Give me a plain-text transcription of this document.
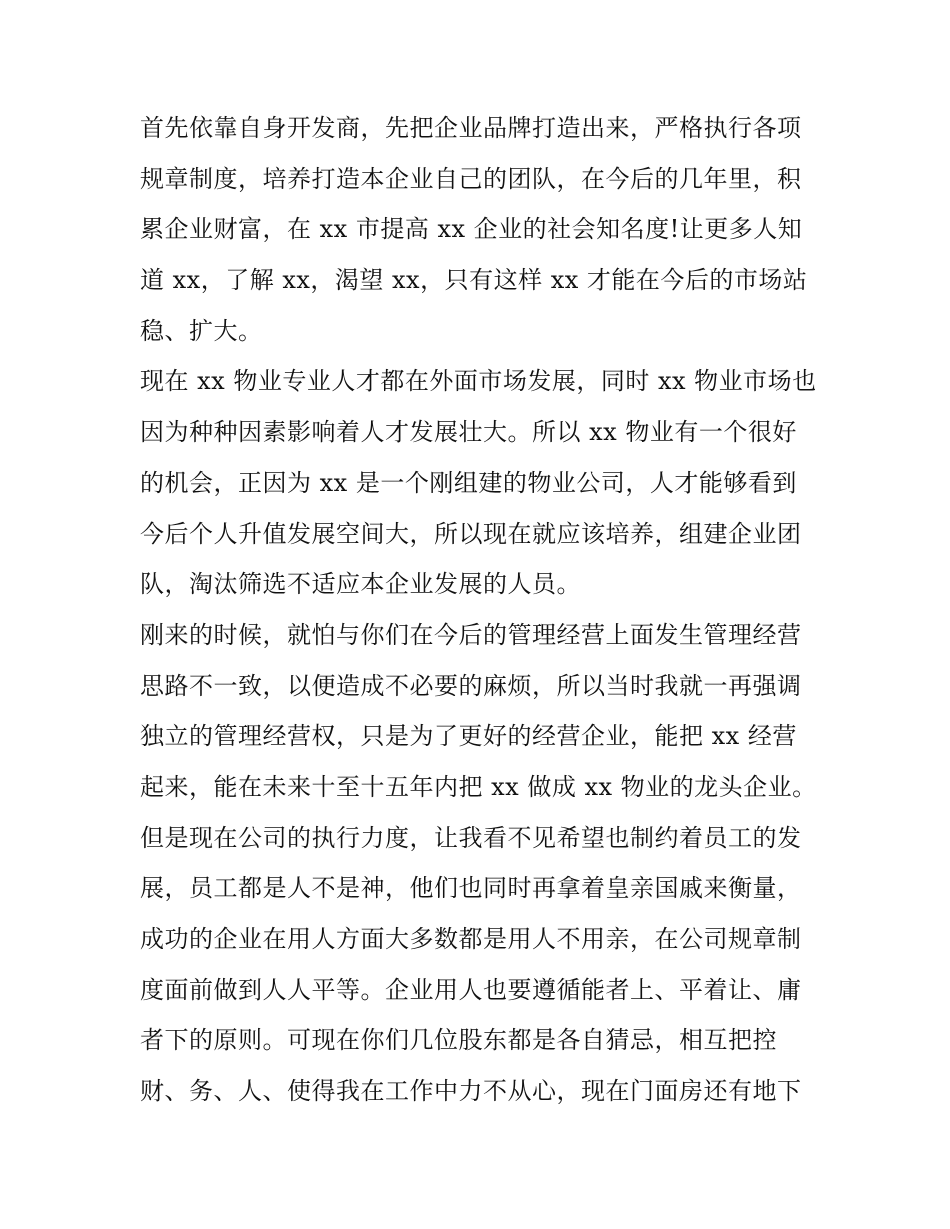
首先依靠自身开发商，先把企业品牌打造出来，严格执行各项
规章制度，培养打造本企业自己的团队，在今后的几年里，积
累企业财富，在 xx 市提高 xx 企业的社会知名度!让更多人知
道 xx，了解 xx，渴望 xx，只有这样 xx 才能在今后的市场站
稳、扩大。
现在 xx 物业专业人才都在外面市场发展，同时 xx 物业市场也
因为种种因素影响着人才发展壮大。所以 xx 物业有一个很好
的机会，正因为 xx 是一个刚组建的物业公司，人才能够看到
今后个人升值发展空间大，所以现在就应该培养，组建企业团
队，淘汰筛选不适应本企业发展的人员。
刚来的时候，就怕与你们在今后的管理经营上面发生管理经营
思路不一致，以便造成不必要的麻烦，所以当时我就一再强调
独立的管理经营权，只是为了更好的经营企业，能把 xx 经营
起来，能在未来十至十五年内把 xx 做成 xx 物业的龙头企业。
但是现在公司的执行力度，让我看不见希望也制约着员工的发
展，员工都是人不是神，他们也同时再拿着皇亲国戚来衡量，
成功的企业在用人方面大多数都是用人不用亲，在公司规章制
度面前做到人人平等。企业用人也要遵循能者上、平着让、庸
者下的原则。可现在你们几位股东都是各自猜忌，相互把控
财、务、人、使得我在工作中力不从心，现在门面房还有地下
